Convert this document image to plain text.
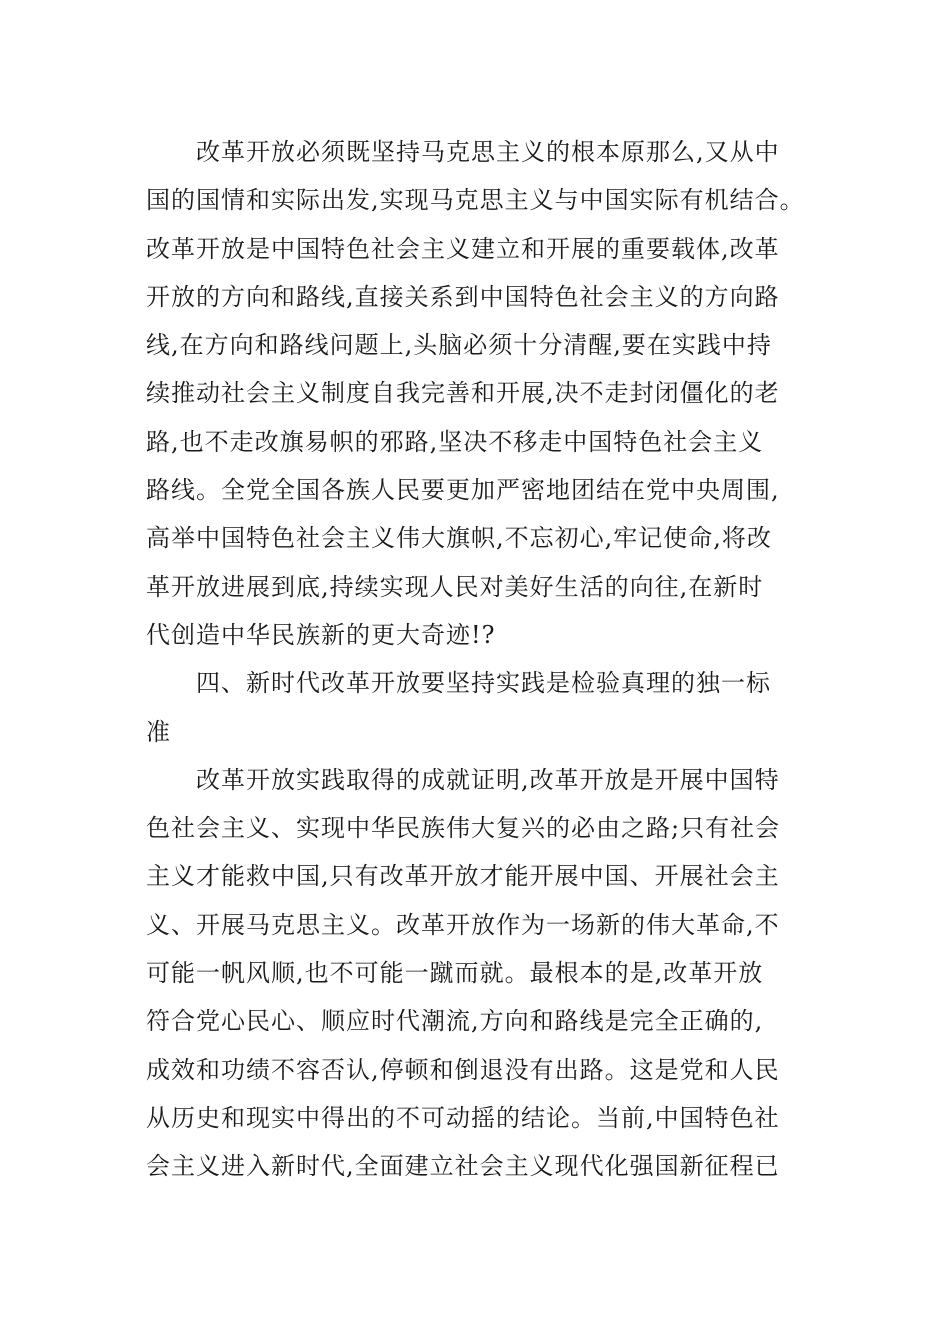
改革开放必须既坚持马克思主义的根本原那么,又从中
国的国情和实际出发,实现马克思主义与中国实际有机结合。
改革开放是中国特色社会主义建立和开展的重要载体,改革
开放的方向和路线,直接关系到中国特色社会主义的方向路
线,在方向和路线问题上,头脑必须十分清醒,要在实践中持
续推动社会主义制度自我完善和开展,决不走封闭僵化的老
路,也不走改旗易帜的邪路,坚决不移走中国特色社会主义
路线。全党全国各族人民要更加严密地团结在党中央周围,
高举中国特色社会主义伟大旗帜,不忘初心,牢记使命,将改
革开放进展到底,持续实现人民对美好生活的向往,在新时
代创造中华民族新的更大奇迹!?
四、新时代改革开放要坚持实践是检验真理的独一标
准
改革开放实践取得的成就证明,改革开放是开展中国特
色社会主义、实现中华民族伟大复兴的必由之路;只有社会
主义才能救中国,只有改革开放才能开展中国、开展社会主
义、开展马克思主义。改革开放作为一场新的伟大革命,不
可能一帆风顺,也不可能一蹴而就。最根本的是,改革开放
符合党心民心、顺应时代潮流,方向和路线是完全正确的,
成效和功绩不容否认,停顿和倒退没有出路。这是党和人民
从历史和现实中得出的不可动摇的结论。当前,中国特色社
会主义进入新时代,全面建立社会主义现代化强国新征程已
